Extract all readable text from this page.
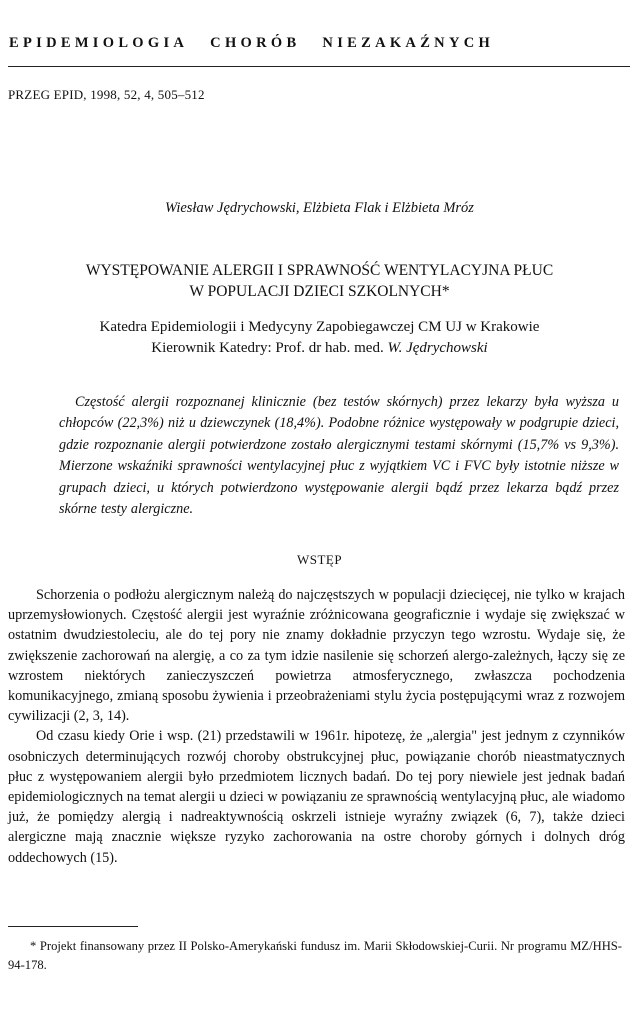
EPIDEMIOLOGIA CHORÓB NIEZAKAŹNYCH
PRZEG EPID, 1998, 52, 4, 505–512
Wiesław Jędrychowski, Elżbieta Flak i Elżbieta Mróz
WYSTĘPOWANIE ALERGII I SPRAWNOŚĆ WENTYLACYJNA PŁUC
W POPULACJI DZIECI SZKOLNYCH*
Katedra Epidemiologii i Medycyny Zapobiegawczej CM UJ w Krakowie
Kierownik Katedry: Prof. dr hab. med. W. Jędrychowski
Częstość alergii rozpoznanej klinicznie (bez testów skórnych) przez lekarzy była wyższa u chłopców (22,3%) niż u dziewczynek (18,4%). Podobne różnice występowały w podgrupie dzieci, gdzie rozpoznanie alergii potwierdzone zostało alergicznymi testami skórnymi (15,7% vs 9,3%). Mierzone wskaźniki sprawności wentylacyjnej płuc z wyjątkiem VC i FVC były istotnie niższe w grupach dzieci, u których potwierdzono występowanie alergii bądź przez lekarza bądź przez skórne testy alergiczne.
WSTĘP

Schorzenia o podłożu alergicznym należą do najczęstszych w populacji dziecięcej, nie tylko w krajach uprzemysłowionych. Częstość alergii jest wyraźnie zróżnicowana geograficznie i wydaje się zwiększać w ostatnim dwudziestoleciu, ale do tej pory nie znamy dokładnie przyczyn tego wzrostu. Wydaje się, że zwiększenie zachorowań na alergię, a co za tym idzie nasilenie się schorzeń alergo-zależnych, łączy się ze wzrostem niektórych zanieczyszczeń powietrza atmosferycznego, zwłaszcza pochodzenia komunikacyjnego, zmianą sposobu żywienia i przeobrażeniami stylu życia postępującymi wraz z rozwojem cywilizacji (2, 3, 14).

Od czasu kiedy Orie i wsp. (21) przedstawili w 1961r. hipotezę, że „alergia" jest jednym z czynników osobniczych determinujących rozwój choroby obstrukcyjnej płuc, powiązanie chorób nieastmatycznych płuc z występowaniem alergii było przedmiotem licznych badań. Do tej pory niewiele jest jednak badań epidemiologicznych na temat alergii u dzieci w powiązaniu ze sprawnością wentylacyjną płuc, ale wiadomo już, że pomiędzy alergią i nadreaktywnością oskrzeli istnieje wyraźny związek (6, 7), także dzieci alergiczne mają znacznie większe ryzyko zachorowania na ostre choroby górnych i dolnych dróg oddechowych (15).

* Projekt finansowany przez II Polsko-Amerykański fundusz im. Marii Skłodowskiej-Curii. Nr programu MZ/HHS-94-178.
